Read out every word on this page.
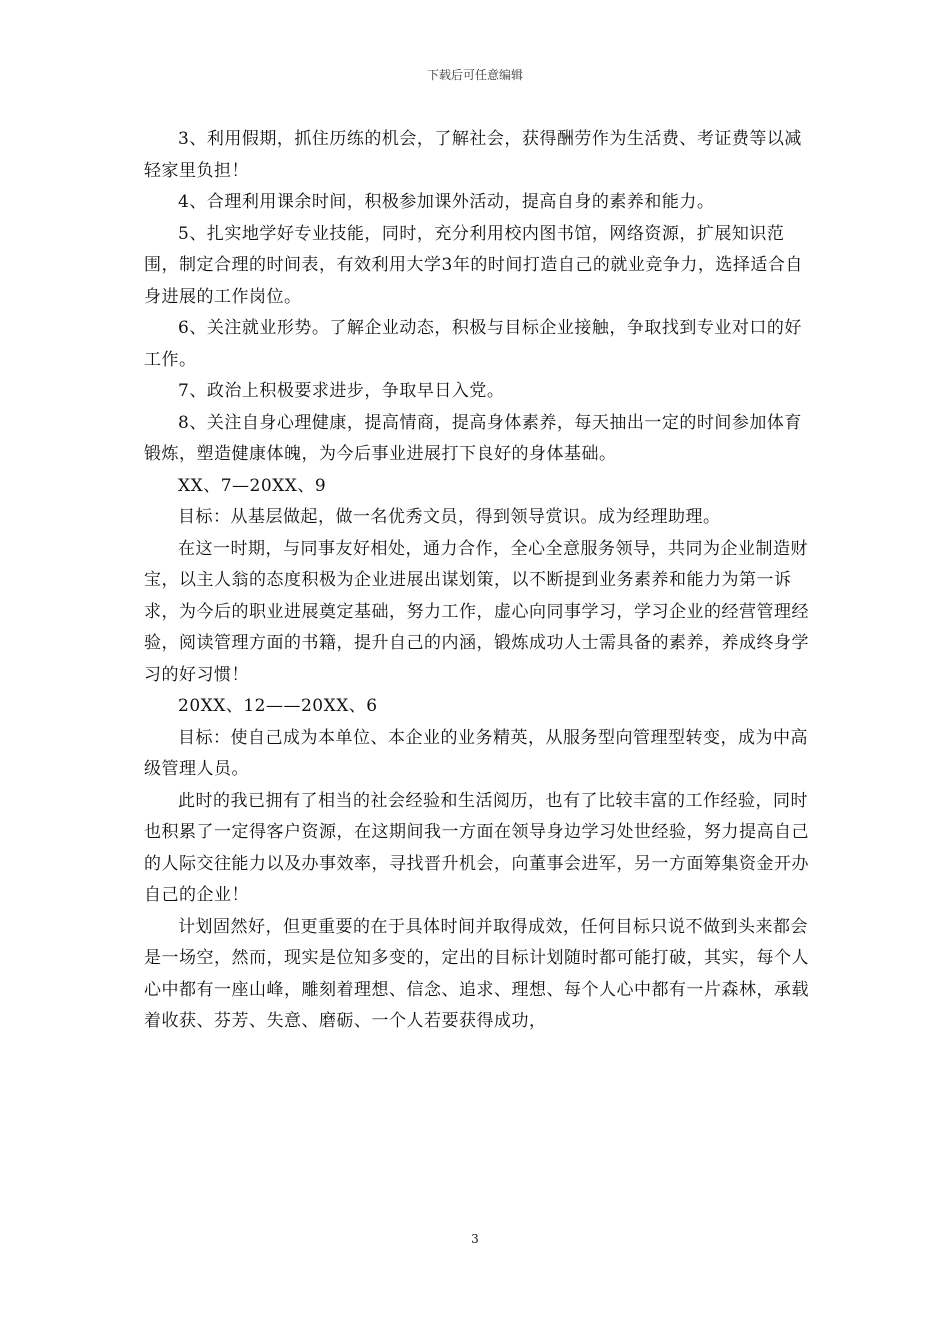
下载后可任意编辑

3、利用假期，抓住历练的机会，了解社会，获得酬劳作为生活费、考证费等以减轻家里负担！

4、合理利用课余时间，积极参加课外活动，提高自身的素养和能力。

5、扎实地学好专业技能，同时，充分利用校内图书馆，网络资源，扩展知识范围，制定合理的时间表，有效利用大学3年的时间打造自己的就业竞争力，选择适合自身进展的工作岗位。

6、关注就业形势。了解企业动态，积极与目标企业接触，争取找到专业对口的好工作。

7、政治上积极要求进步，争取早日入党。

8、关注自身心理健康，提高情商，提高身体素养，每天抽出一定的时间参加体育锻炼，塑造健康体魄，为今后事业进展打下良好的身体基础。

XX、7—20XX、9

目标：从基层做起，做一名优秀文员，得到领导赏识。成为经理助理。

在这一时期，与同事友好相处，通力合作，全心全意服务领导，共同为企业制造财宝，以主人翁的态度积极为企业进展出谋划策，以不断提到业务素养和能力为第一诉求，为今后的职业进展奠定基础，努力工作，虚心向同事学习，学习企业的经营管理经验，阅读管理方面的书籍，提升自己的内涵，锻炼成功人士需具备的素养，养成终身学习的好习惯！

20XX、12——20XX、6

目标：使自己成为本单位、本企业的业务精英，从服务型向管理型转变，成为中高级管理人员。

此时的我已拥有了相当的社会经验和生活阅历，也有了比较丰富的工作经验，同时也积累了一定得客户资源，在这期间我一方面在领导身边学习处世经验，努力提高自己的人际交往能力以及办事效率，寻找晋升机会，向董事会进军，另一方面筹集资金开办自己的企业！

计划固然好，但更重要的在于具体时间并取得成效，任何目标只说不做到头来都会是一场空，然而，现实是位知多变的，定出的目标计划随时都可能打破，其实，每个人心中都有一座山峰，雕刻着理想、信念、追求、理想、每个人心中都有一片森林，承载着收获、芬芳、失意、磨砺、一个人若要获得成功，

3
